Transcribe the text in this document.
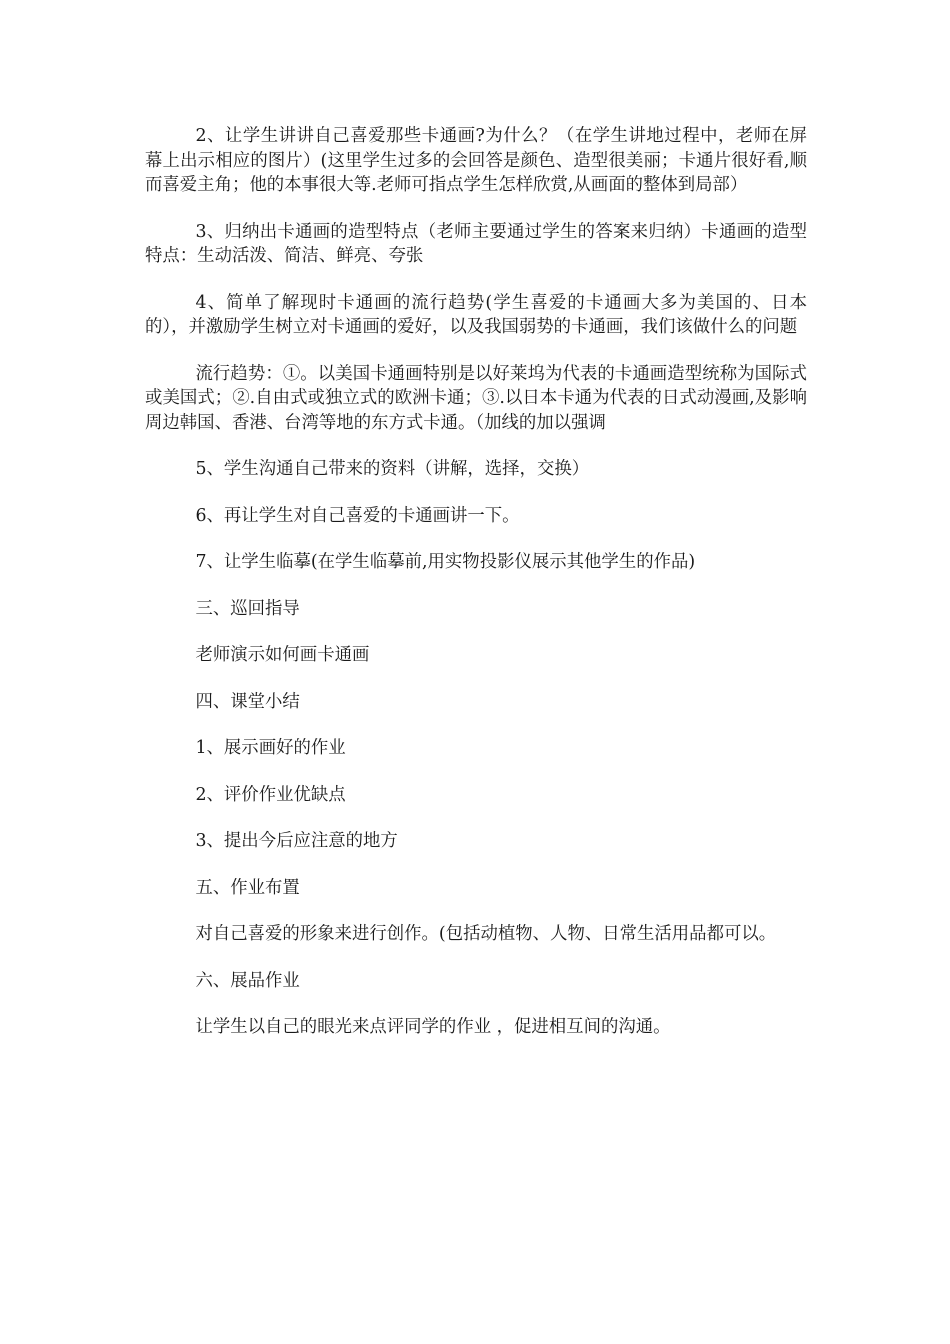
2、让学生讲讲自己喜爱那些卡通画?为什么？（在学生讲地过程中，老师在屏幕上出示相应的图片）(这里学生过多的会回答是颜色、造型很美丽；卡通片很好看,顺而喜爱主角；他的本事很大等.老师可指点学生怎样欣赏,从画面的整体到局部）

3、归纳出卡通画的造型特点（老师主要通过学生的答案来归纳）卡通画的造型特点：生动活泼、简洁、鲜亮、夸张

4、简单了解现时卡通画的流行趋势(学生喜爱的卡通画大多为美国的、日本的），并激励学生树立对卡通画的爱好，以及我国弱势的卡通画，我们该做什么的问题

流行趋势：①。以美国卡通画特别是以好莱坞为代表的卡通画造型统称为国际式或美国式；②.自由式或独立式的欧洲卡通；③.以日本卡通为代表的日式动漫画,及影响周边韩国、香港、台湾等地的东方式卡通。（加线的加以强调

5、学生沟通自己带来的资料（讲解，选择，交换）

6、再让学生对自己喜爱的卡通画讲一下。

7、让学生临摹(在学生临摹前,用实物投影仪展示其他学生的作品)

三、巡回指导

老师演示如何画卡通画

四、课堂小结

1、展示画好的作业

2、评价作业优缺点

3、提出今后应注意的地方

五、作业布置

对自己喜爱的形象来进行创作。(包括动植物、人物、日常生活用品都可以。

六、展品作业

让学生以自己的眼光来点评同学的作业 ，促进相互间的沟通。
